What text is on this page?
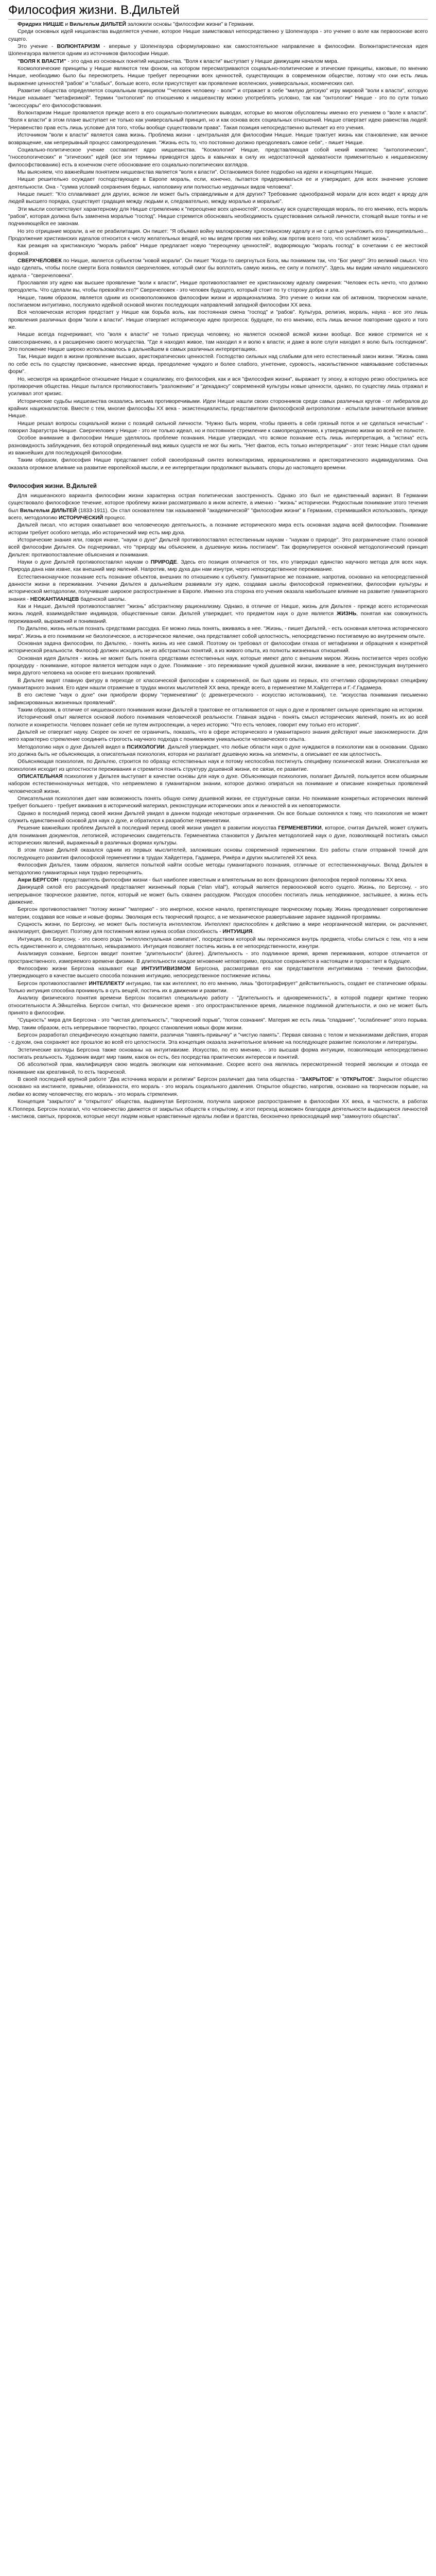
Философия жизни. В.Дильтей

Фридрих НИЦШЕ и Вильгельм ДИЛЬТЕЙ заложили основы "философии жизни" в Германии.

Среди основных идей ницшеанства выделяется учение, которое Ницше заимствовал непосредственно у Шопенгауэра - это учение о воле как первооснове всего сущего.

Это учение - ВОЛЮНТАРИЗМ - впервые у Шопенгауэра сформулировано как самостоятельное направление в философии. Волюнтаристическая идея Шопенгауэра является одним из источников философии Ницше.

"ВОЛЯ К ВЛАСТИ" - это одна из основных понятий ницшеанства. "Воля к власти" выступает у Ницше движущим началом мира.

Космологические принципы у Ницше являются тем фоном, на котором пересматриваются социально-политические и этические принципы, каковые, по мнению Ницше, необходимо было бы пересмотреть. Ницше требует переоценки всех ценностей, существующих в современном обществе, потому что они есть лишь выражение ценностей "рабов" и "слабых", больше всего, если присутствует как проявление вселенских, универсальных, космических сил.

Развитие общества определяется социальным принципом ""человек человеку - волк"" и отражает в себе "милую детскую" игру мировой "воли к власти", которую Ницше называет "метафизикой". Термин "онтология" по отношению к ницшеанству можно употреблять условно, так как "онтологии" Ницше - это по сути только "аксессуары" его философствования.

Волюнтаризм Ницше проявляется прежде всего в его социально-политических выводах, которые во многом обусловлены именно его учением о "воле к власти". "Воля к власти" в этом плане выступает не только как универсальный принцип, но и как основа всех социальных отношений. Ницше отвергает идею равенства людей: "Неравенство прав есть лишь условие для того, чтобы вообще существовали права". Такая позиция непосредственно вытекает из его учения.

Источником "воли к власти" является сама жизнь. Проблема жизни - центральная для философии Ницше. Ницше трактует жизнь как становление, как вечное возвращение, как непрерывный процесс самопреодоления. "Жизнь есть то, что постоянно должно преодолевать самое себя", - пишет Ницше.

Социально-политическое учение составляет ядро ницшеанства. "Космология" Ницше, представляющая собой некий комплекс "антологических", "гносеологических" и "этических" идей (все эти термины приводятся здесь в кавычках в силу их недостаточной адекватности применительно к ницшеанскому философствованию) есть в конечном счете обоснование его социально-политических взглядов.

Мы выясняем, что важнейшим понятием ницшеанства является "воля к власти". Остановимся более подробно на идеях и концепциях Ницше.

Ницше решительно осуждает господствующее в Европе мораль, если, конечно, пытается придерживаться ее и утверждает, для всех значение условие деятельности. Она - "сумма условий сохранения бедных, наполовину или полностью неудачных видов человека".

Ницше пишет: "Кто сплавливает для других, всякое ли может быть справедливым и для других? Требование однообразной морали для всех ведет к вреду для людей высшего порядка, существует градация между людьми и, следовательно, между моралью и моралью".

Эти мысли соответствуют характерному для Ницше стремлению к "переоценке всех ценностей", поскольку вся существующая мораль, по его мнению, есть мораль "рабов", которая должна быть заменена моралью "господ". Ницше стремится обосновать необходимость существования сильной личности, стоящей выше толпы и не подчиняющейся ее законам.

Но это отрицание морали, а не ее реабилитация. Он пишет: "Я объявил войну малокровному христианскому идеалу и не с целью уничтожить его принципиально... Продолжение христианских идеалов относится к числу желательных вещей, но мы ведем против них войну, как против всего того, что ослабляет жизнь".

Как реакция на христианскую "мораль рабов" Ницше предлагает новую "переоценку ценностей", водворяющую "мораль господ" в сочетании с ее жестокой формой.

СВЕРХЧЕЛОВЕК по Ницше, является субъектом "новой морали". Он пишет "Когда-то свергнуться Бога, мы понимаем так, что "Бог умер!" Это великий смысл. Что надо сделать, чтобы после смерти Бога появился сверхчеловек, который смог бы воплотить самую жизнь, ее силу и полноту". Здесь мы видим начало ницшеанского идеала - "сверхчеловека".

Прославляя эту идею как высшее проявление "воли к власти", Ницше противопоставляет ее христианскому идеалу смирения: "Человек есть нечто, что должно преодолеть. Что сделали вы, чтобы превзойти его?" Сверхчеловек - это человек будущего, который стоит по ту сторону добра и зла.

Ницше, таким образом, является одним из основоположников философии жизни и иррационализма. Это учение о жизни как об активном, творческом начале, постигаемом интуитивно, послужило идейной основой многих последующих направлений западной философии ХХ века.

Вся человеческая история предстает у Ницше как борьба воль, как постоянная смена "господ" и "рабов". Культура, религия, мораль, наука - все это лишь проявления различных форм "воли к власти". Ницше отвергает историческую идею прогресса: будущее, по его мнению, есть лишь вечное повторение одного и того же.

Ницше всегда подчеркивает, что "воля к власти" не только присуща человеку, но является основой всякой жизни вообще. Все живое стремится не к самосохранению, а к расширению своего могущества. "Где я находил живое, там находил я и волю к власти; и даже в воле слуги находил я волю быть господином". Это положение Ницше широко использовалось в дальнейшем в самых различных интерпретациях.

Так, Ницше видел в жизни проявление высших, аристократических ценностей. Господство сильных над слабыми для него естественный закон жизни. "Жизнь сама по себе есть по существу присвоение, нанесение вреда, преодоление чуждого и более слабого, угнетение, суровость, насильственное навязывание собственных форм".

Но, несмотря на враждебное отношение Ницше к социализму, его философия, как и вся "философия жизни", выражает ту эпоху, в которую резко обострились все противоречия общества. Ницше пытался противопоставить "разложению" и "декадансу" современной культуры новые ценности, однако, по существу лишь отражал и усиливал этот кризис.

Исторические судьбы ницшеанства оказались весьма противоречивыми. Идеи Ницше нашли своих сторонников среди самых различных кругов - от либералов до крайних националистов. Вместе с тем, многие философы ХХ века - экзистенциалисты, представители философской антропологии - испытали значительное влияние Ницше.

Ницше решал вопросы социальной жизни с позиций сильной личности. "Нужно быть морем, чтобы принять в себя грязный поток и не сделаться нечистым" - говорил Заратустра Ницше. Сверхчеловек у Ницше - это не только идеал, но и постоянное стремление к самопреодолению, к утверждению жизни во всей ее полноте.

Особое внимание в философии Ницше уделялось проблеме познания. Ницше утверждал, что всякое познание есть лишь интерпретация, а "истина" есть разновидность заблуждения, без которой определенный вид живых существ не мог бы жить. "Нет фактов, есть только интерпретации" - этот тезис Ницше стал одним из важнейших для последующей философии.

Таким образом, философия Ницше представляет собой своеобразный синтез волюнтаризма, иррационализма и аристократического индивидуализма. Она оказала огромное влияние на развитие европейской мысли, и ее интерпретации продолжают вызывать споры до настоящего времени.

Философия жизни. В.Дильтей

Для ницшеанского варианта философии жизни характерна острая политическая заостренность. Однако это был не единственный вариант. В Германии существовало философское течение, которое проблему жизни рассматривало в ином аспекте, а именно - "жизнь" исторически. Редкостным понимание этого течения был Вильгельм ДИЛЬТЕЙ (1833-1911). Он стал основателем так называемой "академической" "философии жизни" в Германии, стремившийся использовать, прежде всего, методологию ИСТОРИЧЕСКИЙ процесс.

Дильтей писал, что история охватывает всю человеческую деятельность, а познание исторического мира есть основная задача всей философии. Понимание истории требует особого метода, ибо исторический мир есть мир духа.

Исторические знания или, говоря иначе, "науки о духе" Дильтей противопоставлял естественным наукам - "наукам о природе". Это разграничение стало основой всей философии Дильтея. Он подчеркивал, что "природу мы объясняем, а душевную жизнь постигаем". Так формулируется основной методологический принцип Дильтея: противопоставление объяснения и понимания.

Науки о духе Дильтей противопоставлял наукам о ПРИРОДЕ. Здесь его позиция отличается от тех, кто утверждал единство научного метода для всех наук. Природа дана нам извне, как внешний мир явлений. Напротив, мир духа дан нам изнутри, через непосредственное переживание.

Естественнонаучное познание есть познание объектов, внешних по отношению к субъекту. Гуманитарное же познание, напротив, основано на непосредственной данности жизни в переживании. Ученики Дильтея в дальнейшем развивали эту идею, создавая школы философской герменевтики, философии культуры и исторической методологии, получившие широкое распространение в Европе. Именно эта сторона его учения оказала наибольшее влияние на развитие гуманитарного знания - НЕОКАНТИАНЦЕВ баденской школы.

Как и Ницше, Дильтей противопоставляет "жизнь" абстрактному рационализму. Однако, в отличие от Ницше, жизнь для Дильтея - прежде всего историческая жизнь людей, взаимодействие индивидов, общественные связи. Дильтей утверждает, что предметом наук о духе является ЖИЗНЬ, понятая как совокупность переживаний, выражений и пониманий.

По Дильтею, жизнь нельзя познать средствами рассудка. Ее можно лишь понять, вживаясь в нее. "Жизнь, - пишет Дильтей, - есть основная клеточка исторического мира". Жизнь в его понимании не биологическое, а историческое явление, она представляет собой целостность, непосредственно постигаемую во внутреннем опыте.

Основная задача философии, по Дильтею, - понять жизнь из нее самой. Поэтому он требовал от философии отказа от метафизики и обращения к конкретной исторической реальности. Философ должен исходить не из абстрактных понятий, а из живого опыта, из полноты жизненных отношений.

Основная идея Дильтея - жизнь не может быть понята средствами естественных наук, которые имеют дело с внешним миром. Жизнь постигается через особую процедуру - понимание, которое является методом наук о духе. Понимание - это переживание чужой душевной жизни, вживание в нее, реконструкция внутреннего мира другого человека на основе его внешних проявлений.

В Дильтее видят главную фигуру в переходе от классической философии к современной, он был одним из первых, кто отчетливо сформулировал специфику гуманитарного знания. Его идеи нашли отражение в трудах многих мыслителей ХХ века, прежде всего, в герменевтике М.Хайдеггера и Г.-Г.Гадамера.

В его системе "наук о духе" они приобрели форму "герменевтики" (с древнегреческого - искусство истолкования), т.е. "искусства понимания письменно зафиксированных жизненных проявлений".

Таким образом, в отличие от ницшеанского понимания жизни Дильтей в трактовке ее отталкивается от наук о духе и проявляет сильную ориентацию на историзм.

Исторический опыт является основой любого понимания человеческой реальности. Главная задача - понять смысл исторических явлений, понять их во всей полноте и конкретности. Человек познает себя не путем интроспекции, а через историю: "Что есть человек, говорит ему только его история".

Дильтей не отвергает науку. Скорее он хочет ее ограничить, показать, что в сфере исторического и гуманитарного знания действуют иные закономерности. Для него характерно стремление соединить строгость научного подхода с пониманием уникальности человеческого опыта.

Методологию наук о духе Дильтей видел в ПСИХОЛОГИИ. Дильтей утверждает, что любые области наук о духе нуждаются в психологии как в основании. Однако это должна быть не объясняющая, а описательная психология, которая не разлагает душевную жизнь на элементы, а описывает ее как целостность.

Объясняющая психология, по Дильтею, строится по образцу естественных наук и потому неспособна постигнуть специфику психической жизни. Описательная же психология исходит из целостности переживания и стремится понять структуру душевной жизни, ее связи, ее развитие.

ОПИСАТЕЛЬНАЯ психология у Дильтея выступает в качестве основы для наук о духе. Объясняющая психология, полагает Дильтей, пользуется всем обширным набором естественнонаучных методов, что неприемлемо в гуманитарном знании, которое должно опираться на понимание и описание конкретных проявлений человеческой жизни.

Описательная психология дает нам возможность понять общую схему душевной жизни, ее структурные связи. Но понимание конкретных исторических явлений требует большего - требует вживания в исторический материал, реконструкции исторических эпох и личностей в их неповторимости.

Однако в последний период своей жизни Дильтей увидел в данном подходе некоторые ограничения. Он все больше склонялся к тому, что психология не может служить единственной основой для наук о духе, и обратился к разработке герменевтики.

Решение важнейших проблем Дильтей в последний период своей жизни увидел в развитии искусства ГЕРМЕНЕВТИКИ, которое, считая Дильтей, может служить для понимания документов, летописей, исторических свидетельств. Герменевтика становится у Дильтея методологией наук о духе, позволяющей постигать смысл исторических явлений, выраженный в различных формах культуры.

В этом плане Дильтей оказался одним из первых мыслителей, заложивших основы современной герменевтики. Его работы стали отправной точкой для последующего развития философской герменевтики в трудах Хайдеггера, Гадамера, Рикёра и других мыслителей ХХ века.

Философия Дильтея, таким образом, является попыткой найти особые методы гуманитарного познания, отличные от естественнонаучных. Вклад Дильтея в методологию гуманитарных наук трудно переоценить.

Анри БЕРГСОН - представитель философии жизни - был наиболее известным и влиятельным во всех французских философов первой половины ХХ века.

Движущей силой его рассуждений представляет жизненный порыв ("elan vital"), который является первоосновой всего сущего. Жизнь, по Бергсону, - это непрерывное творческое развитие, поток, который не может быть схвачен рассудком. Рассудок способен постигать лишь неподвижное, застывшее, а жизнь есть движение.

Бергсон противопоставляет "потоку жизни" "материю" - это инертное, косное начало, препятствующее творческому порыву. Жизнь преодолевает сопротивление материи, создавая все новые и новые формы. Эволюция есть творческий процесс, а не механическое развертывание заранее заданной программы.

Сущность жизни, по Бергсону, не может быть постигнута интеллектом. Интеллект приспособлен к действию в мире неорганической материи, он расчленяет, анализирует, фиксирует. Поэтому для постижения жизни нужна особая способность - ИНТУИЦИЯ.

Интуиция, по Бергсону, - это своего рода "интеллектуальная симпатия", посредством которой мы переносимся внутрь предмета, чтобы слиться с тем, что в нем есть единственного и, следовательно, невыразимого. Интуиция позволяет постичь жизнь в ее непосредственности, изнутри.

Анализируя сознание, Бергсон вводит понятие "длительности" (duree). Длительность - это подлинное время, время переживания, которое отличается от пространственного, измеряемого времени физики. В длительности каждое мгновение неповторимо, прошлое сохраняется в настоящем и прорастает в будущее.

Философию жизни Бергсона называют еще ИНТУИТИВИЗМОМ Бергсона, рассматривая его как представителя интуитивизма - течения философии, утверждающего в качестве высшего способа познания интуицию, непосредственное постижение истины.

Бергсон противопоставляет ИНТЕЛЛЕКТУ интуицию, так как интеллект, по его мнению, лишь "фотографирует" действительность, создает ее статические образы. Только интуиция способна проникнуть в суть вещей, постичь их в движении и развитии.

Анализу физического понятия времени Бергсон посвятил специальную работу - "Длительность и одновременность", в которой подверг критике теорию относительности А.Эйнштейна. Бергсон считал, что физическое время - это опространствленное время, лишенное подлинной длительности, и оно не может быть принято в философии.

"Сущность" мира для Бергсона - это "чистая длительность", "творческий порыв", "поток сознания". Материя же есть лишь "спадание", "ослабление" этого порыва. Мир, таким образом, есть непрерывное творчество, процесс становления новых форм жизни.

Бергсон разработал специфическую концепцию памяти, различая "память-привычку" и "чистую память". Первая связана с телом и механизмами действия, вторая - с духом, она сохраняет все прошлое во всей его целостности. Эта концепция оказала значительное влияние на последующее развитие психологии и литературы.

Эстетические взгляды Бергсона также основаны на интуитивизме. Искусство, по его мнению, - это высшая форма интуиции, позволяющая непосредственно постигать реальность. Художник видит мир таким, каков он есть, без посредства практических интересов и понятий.

Об абсолютной прав, квалифицируя свою модель эволюции как непонимание. Скорее всего она являлась пересмотренной теорией эволюции и отсюда ее понимание как креативной, то есть творческой.

В своей последней крупной работе "Два источника морали и религии" Бергсон различает два типа общества - "ЗАКРЫТОЕ" и "ОТКРЫТОЕ". Закрытое общество основано на инстинкте, привычке, обязанности, его мораль - это мораль социального давления. Открытое общество, напротив, основано на творческом порыве, на любви ко всему человечеству, его мораль - это мораль стремления.

Концепция "закрытого" и "открытого" общества, выдвинутая Бергсоном, получила широкое распространение в философии ХХ века, в частности, в работах К.Поппера. Бергсон полагал, что человечество движется от закрытых обществ к открытому, и этот переход возможен благодаря деятельности выдающихся личностей - мистиков, святых, пророков, которые несут людям новые нравственные идеалы любви и братства, бесконечно превосходящий мир "замкнутого общества".
